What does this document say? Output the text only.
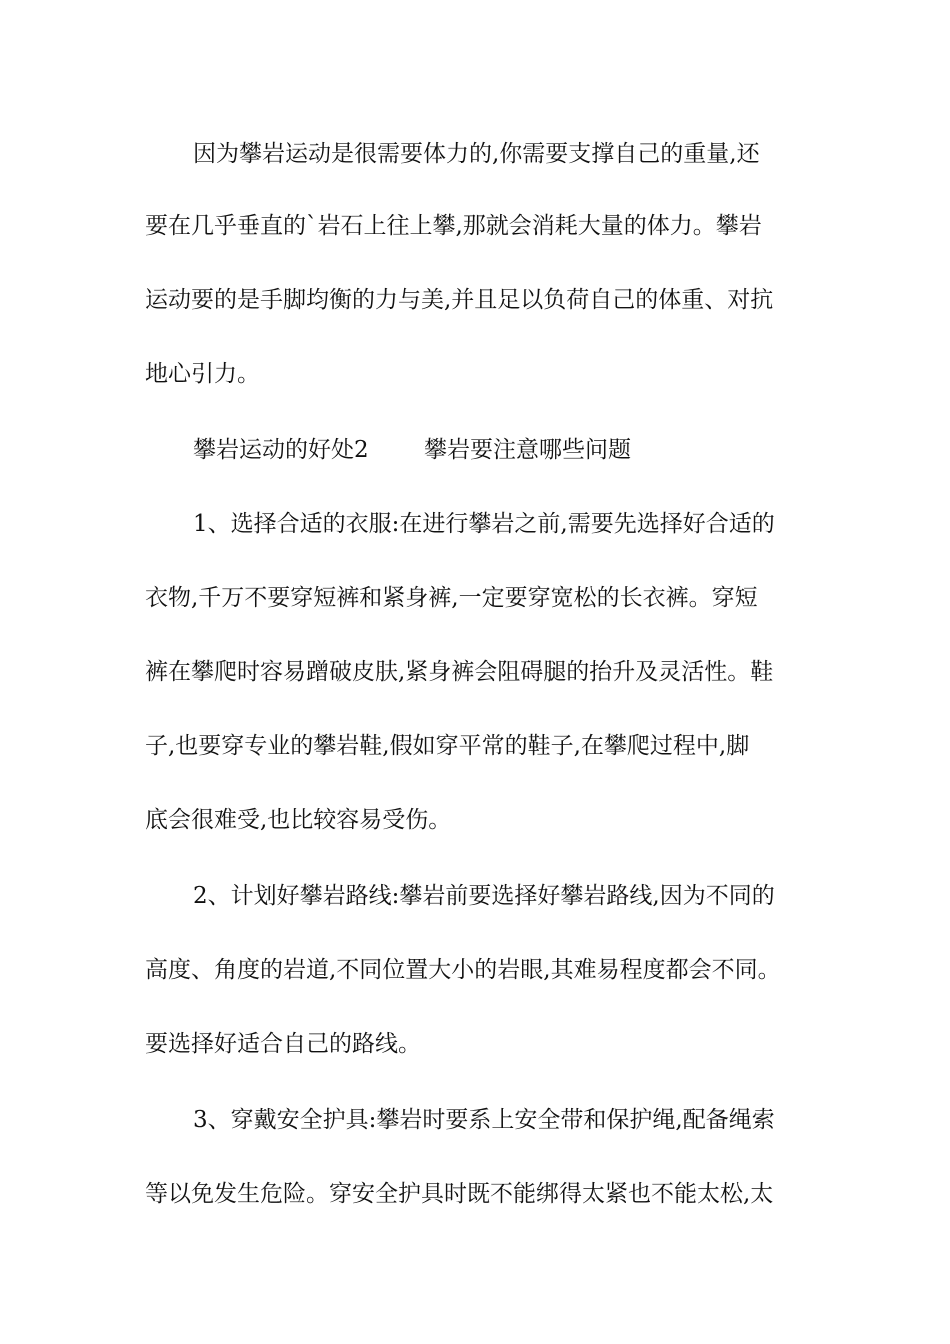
因为攀岩运动是很需要体力的,你需要支撑自己的重量,还
要在几乎垂直的`岩石上往上攀,那就会消耗大量的体力。攀岩
运动要的是手脚均衡的力与美,并且足以负荷自己的体重、对抗
地心引力。
攀岩运动的好处2	攀岩要注意哪些问题
1、选择合适的衣服:在进行攀岩之前,需要先选择好合适的
衣物,千万不要穿短裤和紧身裤,一定要穿宽松的长衣裤。穿短
裤在攀爬时容易蹭破皮肤,紧身裤会阻碍腿的抬升及灵活性。鞋
子,也要穿专业的攀岩鞋,假如穿平常的鞋子,在攀爬过程中,脚
底会很难受,也比较容易受伤。
2、计划好攀岩路线:攀岩前要选择好攀岩路线,因为不同的
高度、角度的岩道,不同位置大小的岩眼,其难易程度都会不同。
要选择好适合自己的路线。
3、穿戴安全护具:攀岩时要系上安全带和保护绳,配备绳索
等以免发生危险。穿安全护具时既不能绑得太紧也不能太松,太
